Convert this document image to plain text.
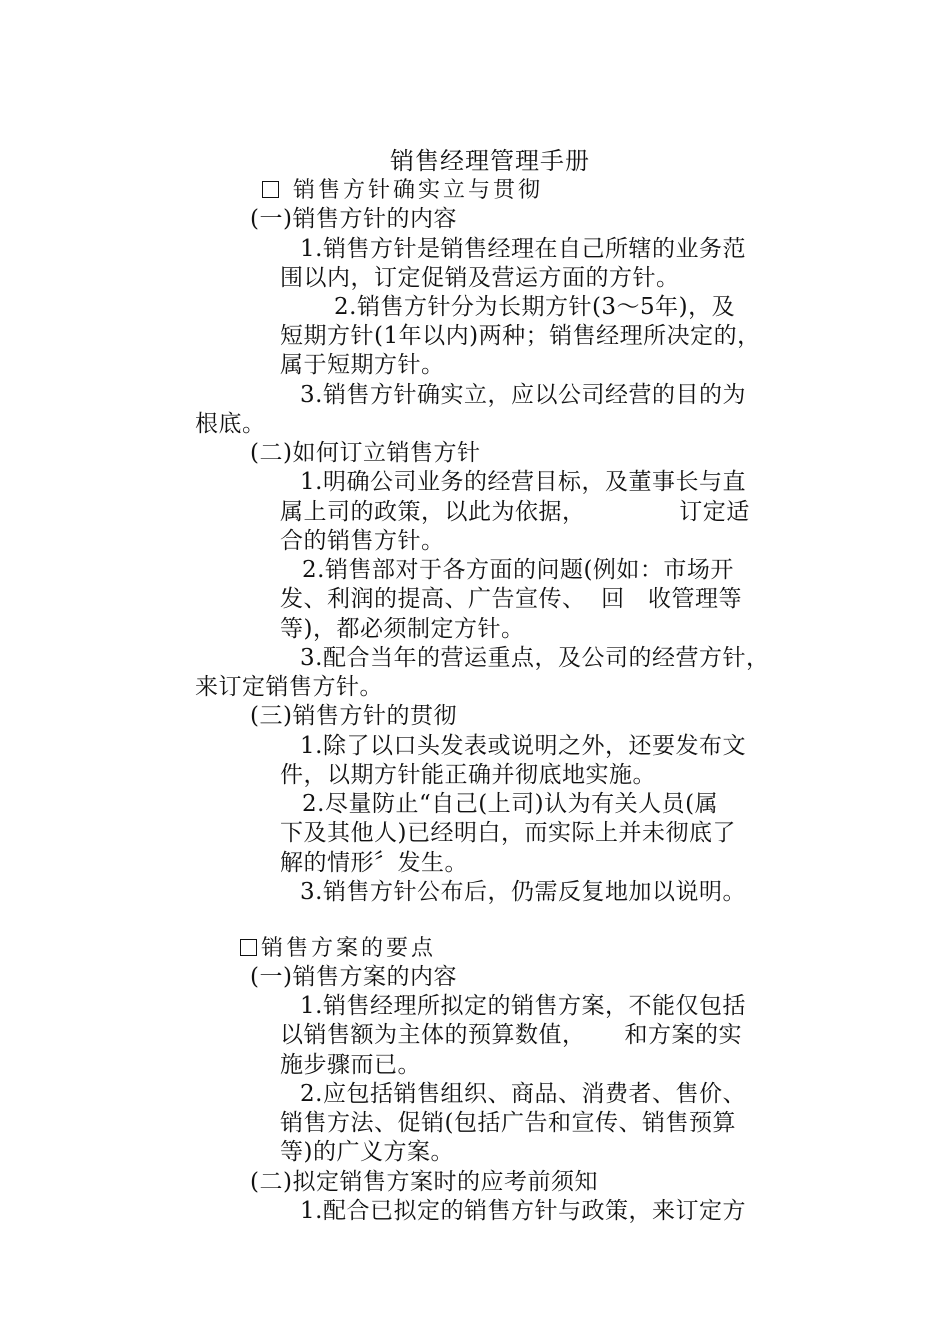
销售经理管理手册
销售方针确实立与贯彻
(一)销售方针的内容
1.销售方针是销售经理在自己所辖的业务范
围以内，订定促销及营运方面的方针。
2.销售方针分为长期方针(3～5年)，及
短期方针(1年以内)两种；销售经理所决定的，
属于短期方针。
3.销售方针确实立，应以公司经营的目的为
根底。
(二)如何订立销售方针
1.明确公司业务的经营目标，及董事长与直
属上司的政策，以此为依据，            订定适
合的销售方针。
2.销售部对于各方面的问题(例如：市场开
发、利润的提高、广告宣传、  回   收管理等
等)，都必须制定方针。
3.配合当年的营运重点，及公司的经营方针，
来订定销售方针。
(三)销售方针的贯彻
1.除了以口头发表或说明之外，还要发布文
件，以期方针能正确并彻底地实施。
2.尽量防止“自己(上司)认为有关人员(属
下及其他人)已经明白，而实际上并未彻底了
解的情形〞发生。
3.销售方针公布后，仍需反复地加以说明。
销售方案的要点
(一)销售方案的内容
1.销售经理所拟定的销售方案，不能仅包括
以销售额为主体的预算数值，     和方案的实
施步骤而已。
2.应包括销售组织、商品、消费者、售价、
销售方法、促销(包括广告和宣传、销售预算
等)的广义方案。
(二)拟定销售方案时的应考前须知
1.配合已拟定的销售方针与政策，来订定方
